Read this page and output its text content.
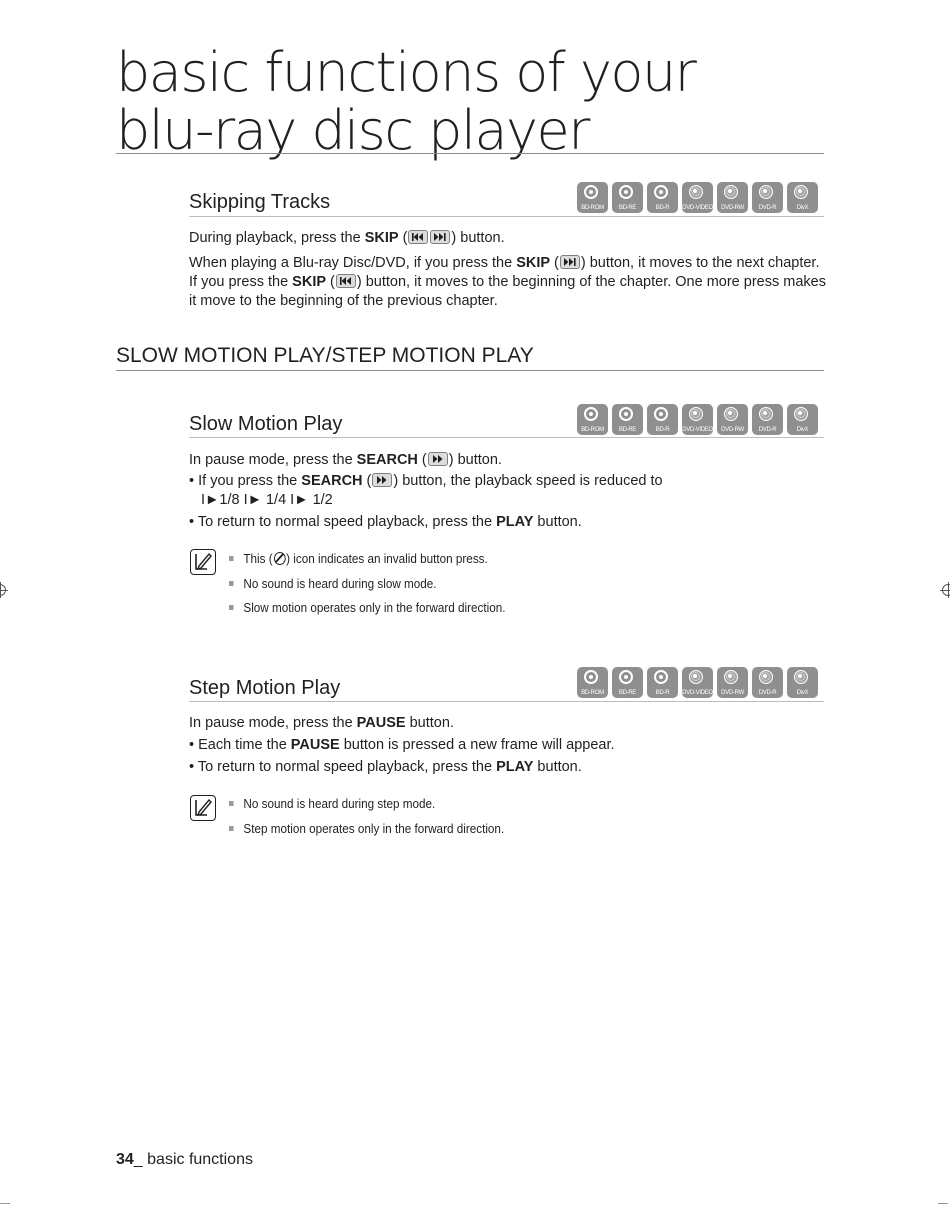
basic functions of your
blu-ray disc player
Skipping Tracks	BD-ROM	BD-RE	BD-R	DVD-VIDEO	DVD-RW	DVD-R	DivX

During playback, press the SKIP (	) button.

When playing a Blu-ray Disc/DVD, if you press the SKIP ( ) button, it moves to the next chapter.
If you press the SKIP ( ) button, it moves to the beginning of the chapter. One more press makes it move to the beginning of the previous chapter.

SLOW MOTION PLAY/STEP MOTION PLAY
Slow Motion Play	BD-ROM	BD-RE	BD-R	DVD-VIDEO	DVD-RW	DVD-R	DivX

In pause mode, press the SEARCH ( ) button.

• If you press the SEARCH ( ) button, the playback speed is reduced to
I►1/8 I► 1/4 I► 1/2

• To return to normal speed playback, press the PLAY button.

This ( ) icon indicates an invalid button press.
No sound is heard during slow mode.
Slow motion operates only in the forward direction.
Step Motion Play	BD-ROM	BD-RE	BD-R	DVD-VIDEO	DVD-RW	DVD-R	DivX

In pause mode, press the PAUSE button.

• Each time the PAUSE button is pressed a new frame will appear.

• To return to normal speed playback, press the PLAY button.

No sound is heard during step mode.
Step motion operates only in the forward direction.
34_ basic functions
